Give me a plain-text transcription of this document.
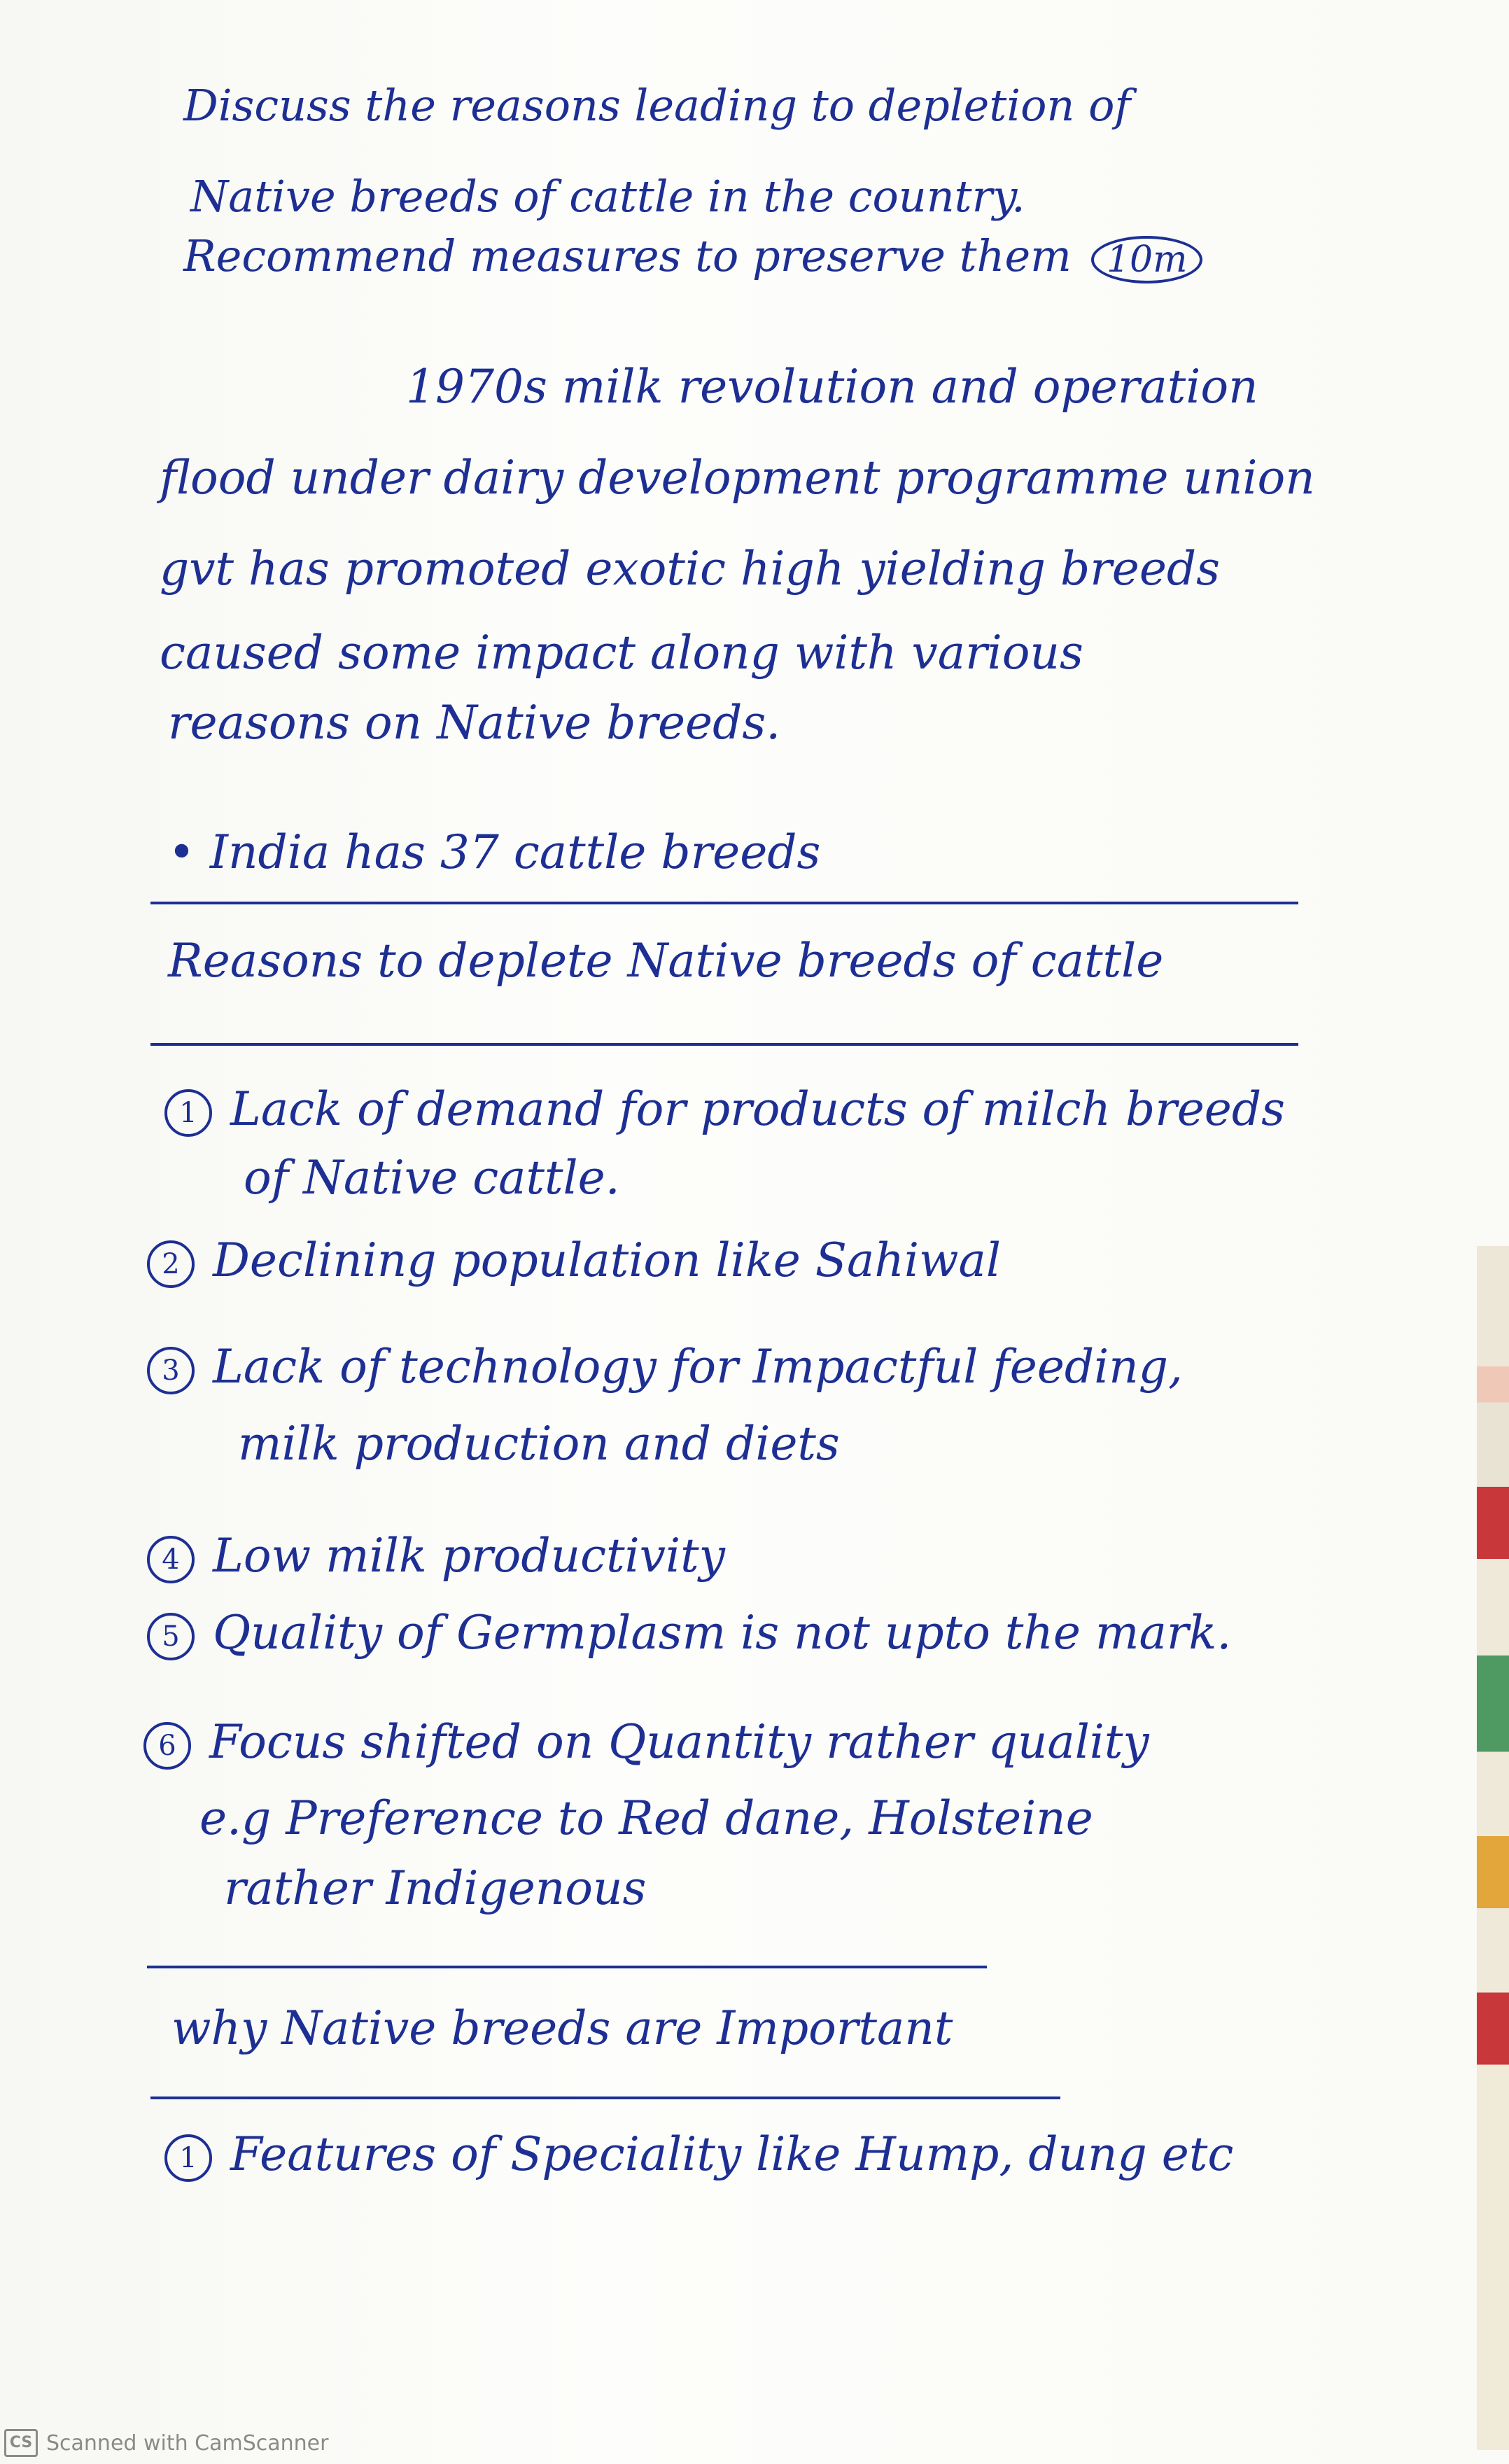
Discuss the reasons leading to depletion of
Native breeds of cattle in the country.
Recommend measures to preserve them 10m
1970s milk revolution and operation
flood under dairy development programme union
gvt has promoted exotic high yielding breeds
caused some impact along with various
reasons on Native breeds.
• India has 37 cattle breeds
Reasons to deplete Native breeds of cattle
1 Lack of demand for products of milch breeds
of Native cattle.
2 Declining population like Sahiwal
3 Lack of technology for Impactful feeding,
milk production and diets
4 Low milk productivity
5 Quality of Germplasm is not upto the mark.
6 Focus shifted on Quantity rather quality
e.g Preference to Red dane, Holsteine
rather Indigenous
why Native breeds are Important
1 Features of Speciality like Hump, dung etc
CS Scanned with CamScanner
